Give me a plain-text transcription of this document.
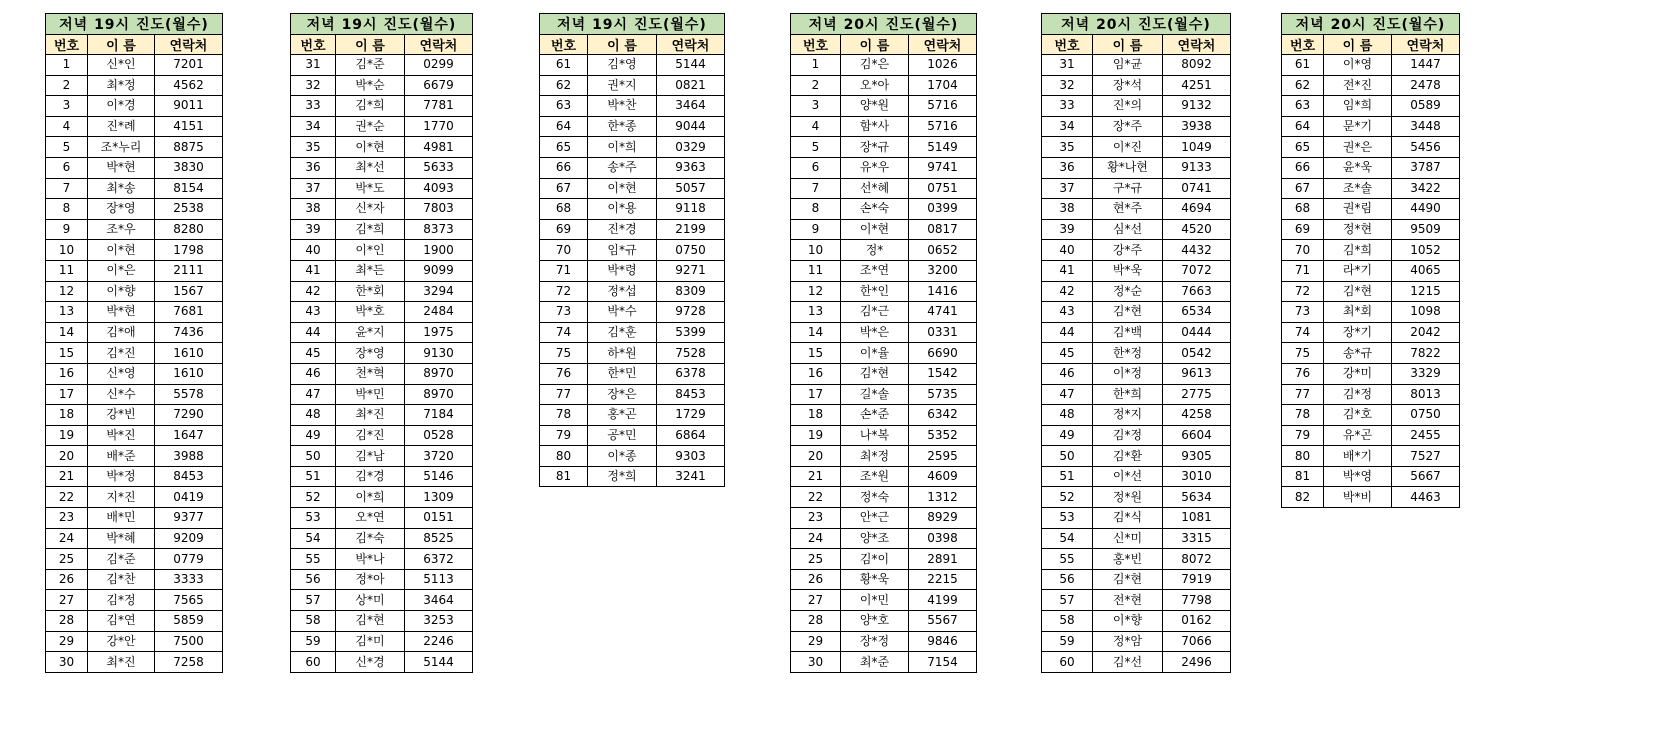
저녁 19시 진도(월수)		
번호	이 름	연락처
1	신*인	7201
2	최*정	4562
3	이*경	9011
4	진*례	4151
5	조*누리	8875
6	박*현	3830
7	최*송	8154
8	장*영	2538
9	조*우	8280
10	이*현	1798
11	이*은	2111
12	이*향	1567
13	박*현	7681
14	김*애	7436
15	김*진	1610
16	신*영	1610
17	신*수	5578
18	강*빈	7290
19	박*진	1647
20	배*준	3988
21	박*정	8453
22	지*진	0419
23	배*민	9377
24	박*혜	9209
25	김*준	0779
26	김*찬	3333
27	김*정	7565
28	김*연	5859
29	강*안	7500
30	최*진	7258
저녁 19시 진도(월수)		
번호	이 름	연락처
31	김*준	0299
32	박*순	6679
33	김*희	7781
34	권*순	1770
35	이*현	4981
36	최*선	5633
37	박*도	4093
38	신*자	7803
39	김*희	8373
40	이*인	1900
41	최*든	9099
42	한*회	3294
43	박*호	2484
44	윤*지	1975
45	장*영	9130
46	천*혁	8970
47	박*민	8970
48	최*진	7184
49	김*진	0528
50	김*남	3720
51	김*경	5146
52	이*희	1309
53	오*연	0151
54	김*숙	8525
55	박*나	6372
56	정*아	5113
57	상*미	3464
58	김*현	3253
59	김*미	2246
60	신*경	5144
저녁 19시 진도(월수)		
번호	이 름	연락처
61	김*영	5144
62	권*지	0821
63	박*찬	3464
64	한*종	9044
65	이*희	0329
66	송*주	9363
67	이*현	5057
68	이*용	9118
69	진*경	2199
70	임*규	0750
71	박*령	9271
72	정*섭	8309
73	박*수	9728
74	김*훈	5399
75	하*원	7528
76	한*민	6378
77	장*은	8453
78	홍*곤	1729
79	공*민	6864
80	이*종	9303
81	정*희	3241
저녁 20시 진도(월수)		
번호	이 름	연락처
1	김*은	1026
2	오*아	1704
3	양*원	5716
4	함*사	5716
5	장*규	5149
6	유*우	9741
7	선*혜	0751
8	손*숙	0399
9	이*현	0817
10	정*	0652
11	조*연	3200
12	한*인	1416
13	김*근	4741
14	박*은	0331
15	이*율	6690
16	김*현	1542
17	길*솔	5735
18	손*준	6342
19	나*복	5352
20	최*정	2595
21	조*원	4609
22	정*숙	1312
23	안*근	8929
24	양*조	0398
25	김*이	2891
26	황*욱	2215
27	이*민	4199
28	양*호	5567
29	장*정	9846
30	최*준	7154
저녁 20시 진도(월수)		
번호	이 름	연락처
31	임*균	8092
32	장*석	4251
33	진*의	9132
34	장*주	3938
35	이*진	1049
36	황*나현	9133
37	구*규	0741
38	현*주	4694
39	심*선	4520
40	강*주	4432
41	박*욱	7072
42	정*순	7663
43	김*현	6534
44	김*백	0444
45	한*정	0542
46	이*정	9613
47	한*희	2775
48	정*지	4258
49	김*정	6604
50	김*환	9305
51	이*선	3010
52	정*원	5634
53	김*식	1081
54	신*미	3315
55	홍*빈	8072
56	김*현	7919
57	전*현	7798
58	이*향	0162
59	정*암	7066
60	김*선	2496
저녁 20시 진도(월수)		
번호	이 름	연락처
61	이*영	1447
62	전*진	2478
63	임*희	0589
64	문*기	3448
65	권*은	5456
66	윤*욱	3787
67	조*솔	3422
68	권*림	4490
69	정*현	9509
70	김*희	1052
71	라*기	4065
72	김*현	1215
73	최*회	1098
74	장*기	2042
75	송*규	7822
76	강*미	3329
77	김*정	8013
78	김*호	0750
79	유*곤	2455
80	배*기	7527
81	박*영	5667
82	박*비	4463
